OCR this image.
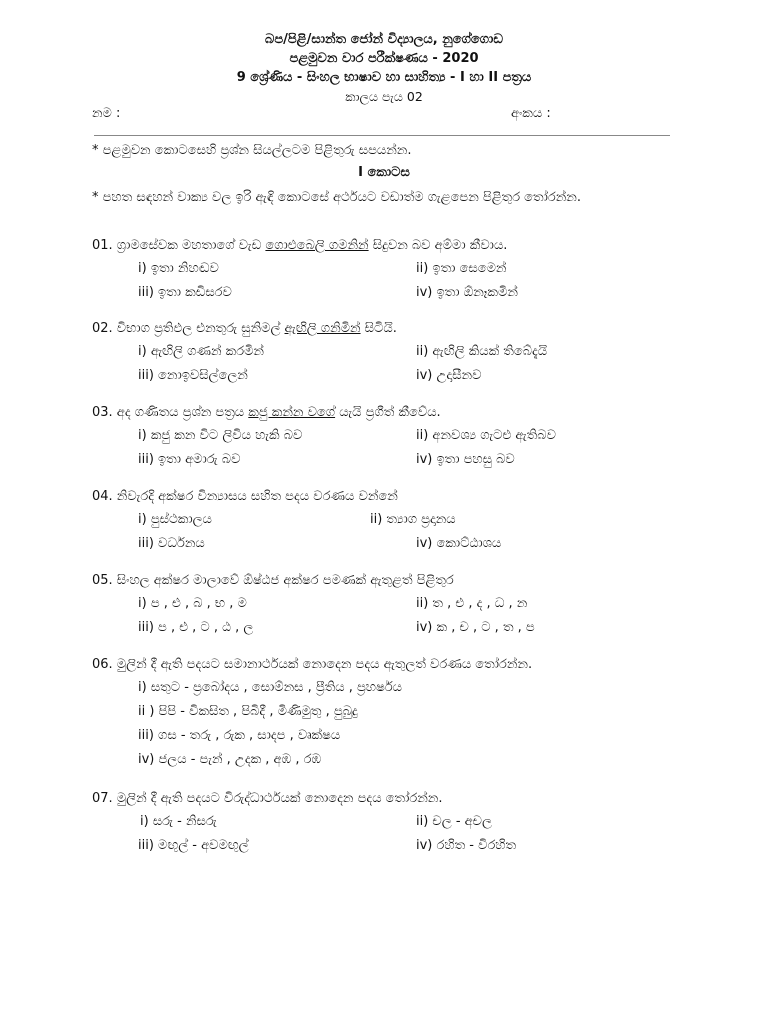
බප/පිළි/සාන්ත ජෝන් විද්‍යාලය, නුගේගොඩ
පළමුවන වාර පරීක්ෂණය - 2020
9 ශ්‍රේණිය - සිංහල භාෂාව හා සාහිත්‍ය - I හා II පත්‍රය
කාලය පැය 02
නම :	අංකය :
* පළමුවන කොටසෙහි ප්‍රශ්න සියල්ලටම පිළිතුරු සපයන්න.
I කොටස
* පහත සඳහන් වාක්‍ය වල ඉරි ඇඳි කොටසේ අර්ථයට වඩාත්ම ගැළපෙන පිළිතුර තෝරන්න.
01. ග්‍රාමසේවක මහතාගේ වැඩ ගොළුබෙලි ගමනින් සිදුවන බව අම්මා කීවාය.
i) ඉතා නිහඬව	ii) ඉතා සෙමෙන්
iii) ඉතා කඩිසරව	iv) ඉතා ඕනෑකමින්
02. විභාග ප්‍රතිඵල එනතුරු සුනිමල් ඇඟිලි ගනිමින් සිටියි.
i) ඇඟිලි ගණන් කරමින්	ii) ඇඟිලි කියක් තිබේදැයි
iii) නොඉවසිල්ලෙන්	iv) උදාසීනව
03. අද ගණිතය ප්‍රශ්න පත්‍රය කජු කන්න වගේ යැයි ප්‍රගීත් කීවේය.
i) කජු කන විට ලිවිය හැකි බව	ii) අනවශ්‍ය ගැටළු ඇතිබව
iii) ඉතා අමාරු බව	iv) ඉතා පහසු බව
04. නිවැරදි අක්ෂර වින්‍යාසය සහිත පදය වරණය වන්නේ
i) පුස්ථකාලය	ii) ත්‍යාග ප්‍රදානය
iii) වර්ධනය	iv) කොට්ඨාශය
05. සිංහල අක්ෂර මාලාවේ ඕෂ්ඨජ අක්ෂර පමණක් ඇතුළත් පිළිතුර
i) ප , එ , බ , භ , ම	ii) ත , එ , ද , ධ , න
iii) ප , එ , ට , ඨ , ල	iv) ක , ච , ට , ත , ප
06. මුලින් දී ඇති පදයට සමානාර්ථයක් නොදෙන පදය ඇතුලත් වරණය තෝරන්න.
i) සතුට - ප්‍රබෝදය , සොම්නස , ප්‍රීතිය , ප්‍රහර්ෂය
ii ) පිපි - විකසිත , පිබිදී , මිණිමුතු , පුබුදු
iii) ගස - තරු , රුක , සාදප , වෘක්ෂය
iv) ජලය - පැන් , උදක , අඹ , රඹ
07. මුලින් දී ඇති පදයට විරුද්ධාර්ථයක් නොදෙන පදය තෝරන්න.
i) සරු - නිසරු	ii) චල - අචල
iii) මඟුල් - අවමඟුල්	iv) රහිත - විරහිත
